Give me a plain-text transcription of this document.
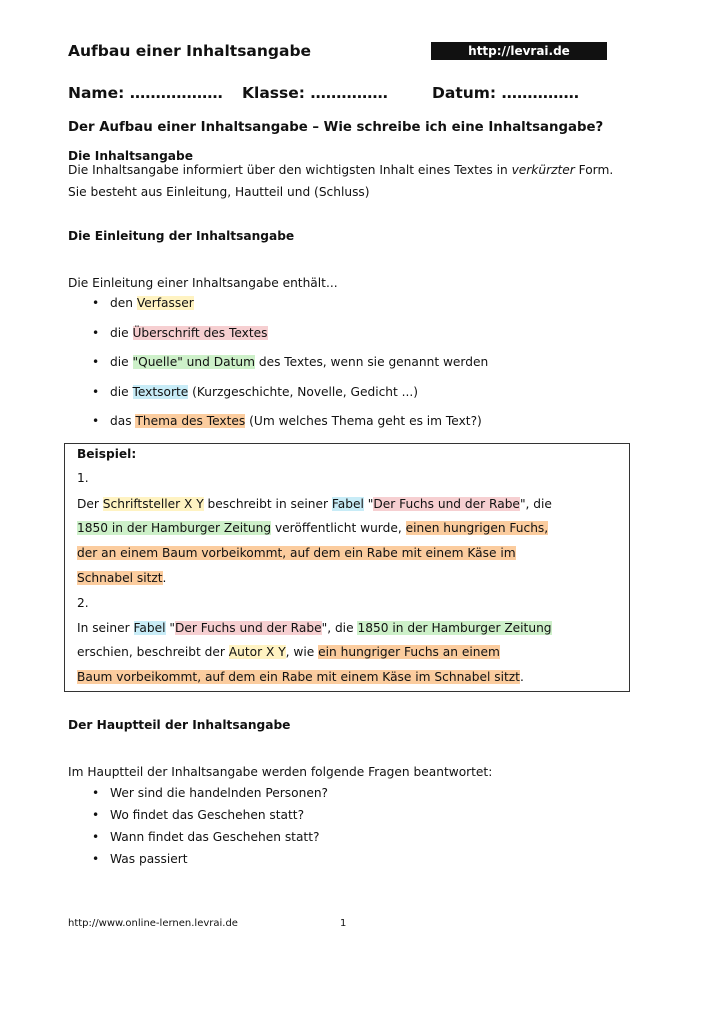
Aufbau einer Inhaltsangabe	http://levrai.de
Name: ……………… Klasse: ……………	Datum: ……………
Der Aufbau einer Inhaltsangabe – Wie schreibe ich eine Inhaltsangabe?
Die Inhaltsangabe
Die Inhaltsangabe informiert über den wichtigsten Inhalt eines Textes in verkürzter Form.
Sie besteht aus Einleitung, Hautteil und (Schluss)
Die Einleitung der Inhaltsangabe
Die Einleitung einer Inhaltsangabe enthält...
• den Verfasser
• die Überschrift des Textes
• die "Quelle" und Datum des Textes, wenn sie genannt werden
• die Textsorte (Kurzgeschichte, Novelle, Gedicht ...)
• das Thema des Textes (Um welches Thema geht es im Text?)
Beispiel:
1.
Der Schriftsteller X Y beschreibt in seiner Fabel "Der Fuchs und der Rabe", die
1850 in der Hamburger Zeitung veröffentlicht wurde, einen hungrigen Fuchs,
der an einem Baum vorbeikommt, auf dem ein Rabe mit einem Käse im
Schnabel sitzt.
2.
In seiner Fabel "Der Fuchs und der Rabe", die 1850 in der Hamburger Zeitung
erschien, beschreibt der Autor X Y, wie ein hungriger Fuchs an einem
Baum vorbeikommt, auf dem ein Rabe mit einem Käse im Schnabel sitzt.
Der Hauptteil der Inhaltsangabe
Im Hauptteil der Inhaltsangabe werden folgende Fragen beantwortet:
• Wer sind die handelnden Personen?
• Wo findet das Geschehen statt?
• Wann findet das Geschehen statt?
• Was passiert
http://www.online-lernen.levrai.de	1
